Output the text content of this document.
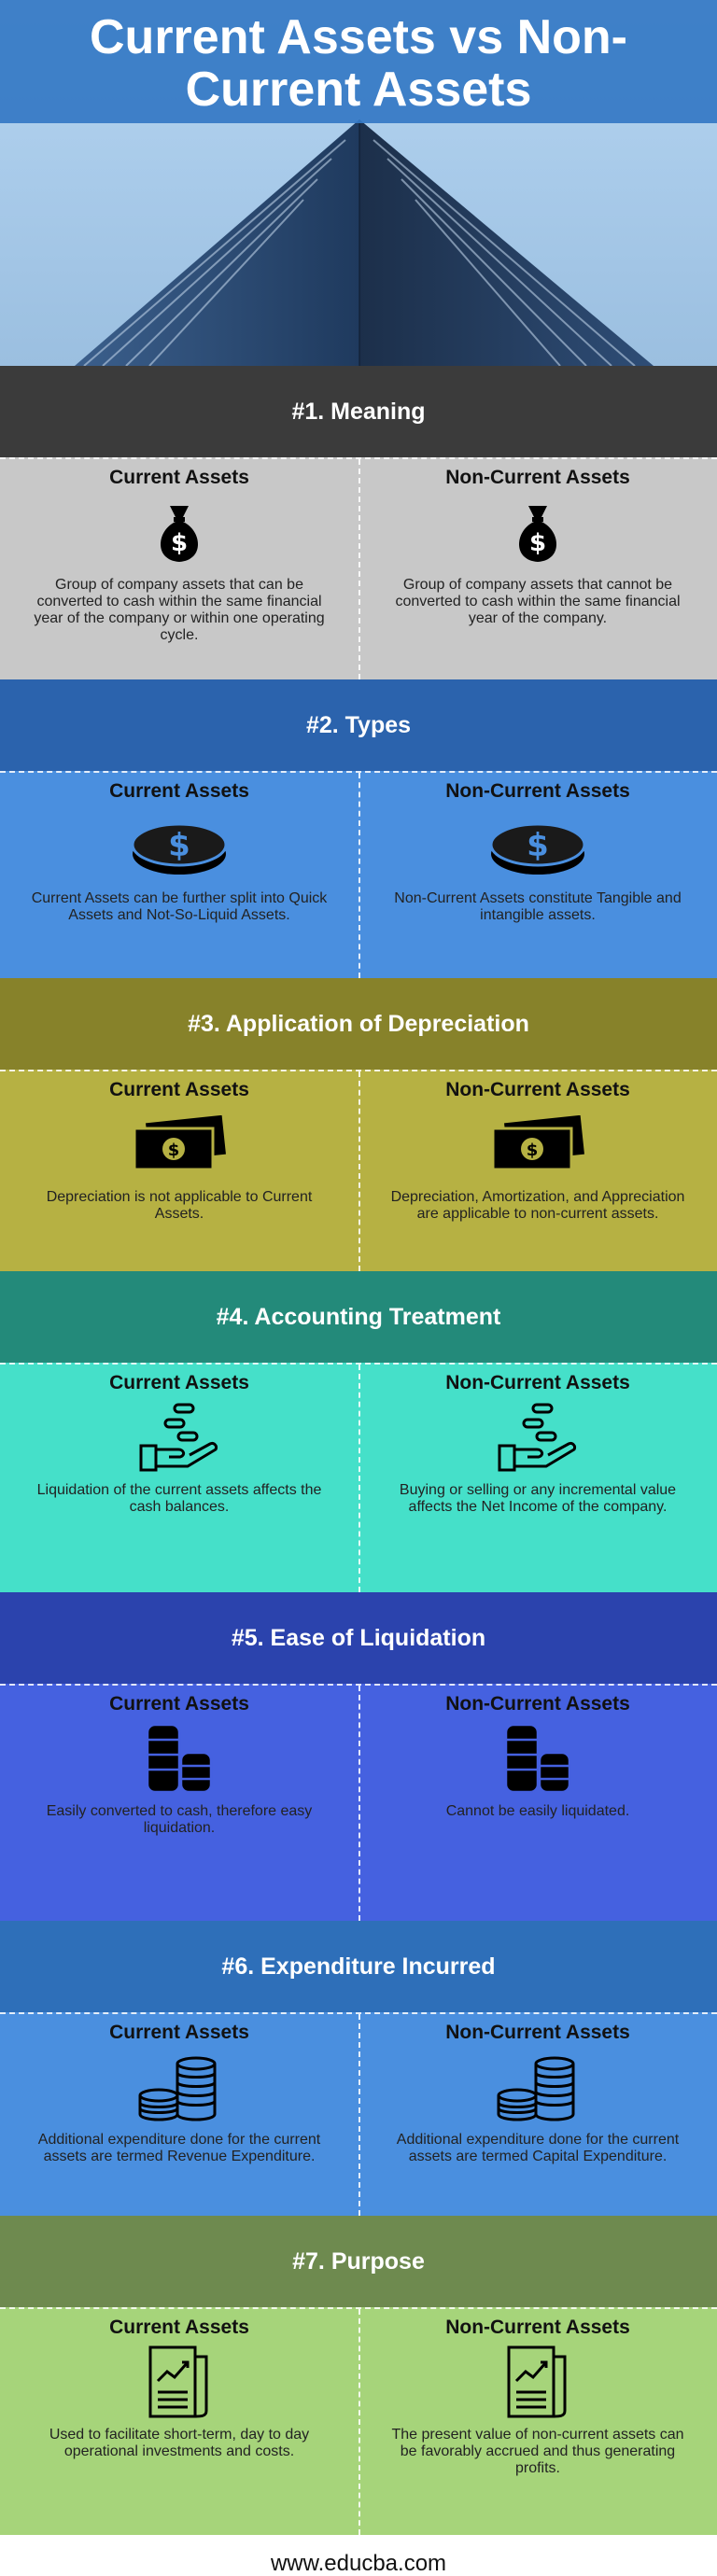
Current Assets vs Non-
Current Assets
#1. Meaning
Current Assets
$
Group of company assets that can be converted to cash within the same financial year of the company or within one operating cycle.
Non-Current Assets
$
Group of company assets that cannot be converted to cash within the same financial year of the company.
#2. Types
Current Assets
$
Current Assets can be further split into Quick Assets and Not-So-Liquid Assets.
Non-Current Assets
$
Non-Current Assets constitute Tangible and intangible assets.
#3. Application of Depreciation
Current Assets
$
Depreciation is not applicable to Current Assets.
Non-Current Assets
$
Depreciation, Amortization, and Appreciation are applicable to non-current assets.
#4. Accounting Treatment
Current Assets
Liquidation of the current assets affects the cash balances.
Non-Current Assets
Buying or selling or any incremental value affects the Net Income of the company.
#5. Ease of Liquidation
Current Assets
Easily converted to cash, therefore easy liquidation.
Non-Current Assets
Cannot be easily liquidated.
#6. Expenditure Incurred
Current Assets
Additional expenditure done for the current assets are termed Revenue Expenditure.
Non-Current Assets
Additional expenditure done for the current assets are termed Capital Expenditure.
#7. Purpose
Current Assets
Used to facilitate short-term, day to day operational investments and costs.
Non-Current Assets
The present value of non-current assets can be favorably accrued and thus generating profits.
www.educba.com
